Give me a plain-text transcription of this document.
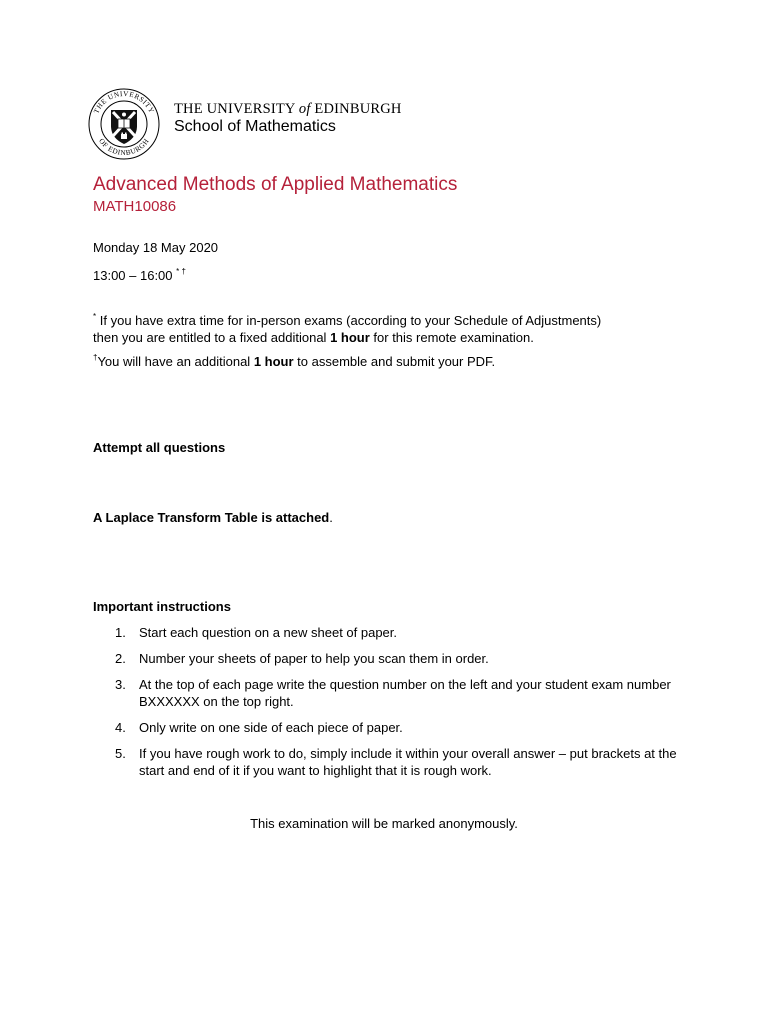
THE UNIVERSITY
OF EDINBURGH
THE UNIVERSITY of EDINBURGH
School of Mathematics
Advanced Methods of Applied Mathematics
MATH10086
Monday 18 May 2020
13:00 – 16:00 * †
* If you have extra time for in-person exams (according to your Schedule of Adjustments)
then you are entitled to a fixed additional 1 hour for this remote examination.
†You will have an additional 1 hour to assemble and submit your PDF.
Attempt all questions
A Laplace Transform Table is attached.
Important instructions
1. Start each question on a new sheet of paper.
2. Number your sheets of paper to help you scan them in order.
3. At the top of each page write the question number on the left and your student exam number BXXXXXX on the top right.
4. Only write on one side of each piece of paper.
5. If you have rough work to do, simply include it within your overall answer – put brackets at the start and end of it if you want to highlight that it is rough work.
This examination will be marked anonymously.
